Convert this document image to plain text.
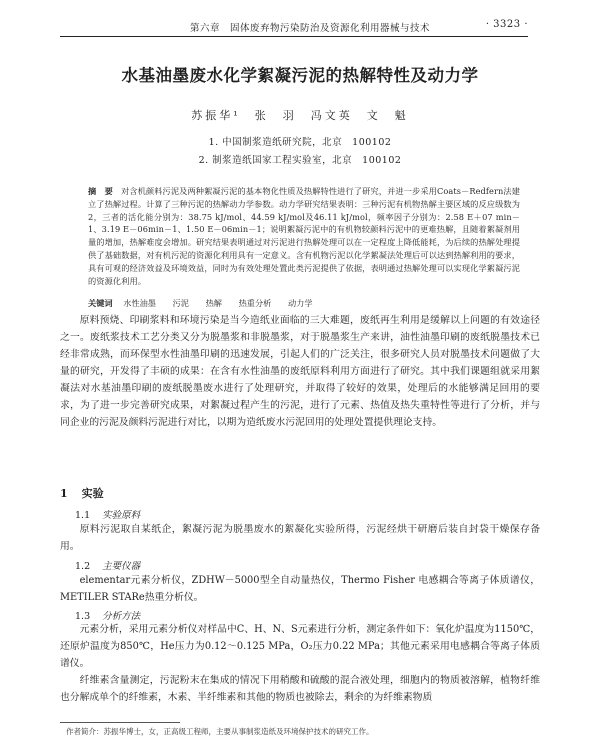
第六章　固体废弃物污染防治及资源化利用器械与技术	· 3323 ·
水基油墨废水化学絮凝污泥的热解特性及动力学
苏振华¹　张　羽　冯文英　文　魁
1. 中国制浆造纸研究院，北京　100102
2. 制浆造纸国家工程实验室，北京　100102
摘　要 对含机颜料污泥及两种絮凝污泥的基本物化性质及热解特性进行了研究，并进一步采用Coats－Redfern法建立了热解过程。计算了三种污泥的热解动力学参数。动力学研究结果表明：三种污泥有机物热解主要区域的反应级数为2，三者的活化能分别为：38.75 kJ/mol、44.59 kJ/mol及46.11 kJ/mol，频率因子分别为：2.58 E＋07 min－1、3.19 E－06min－1、1.50 E－06min－1；说明絮凝污泥中的有机物较颜料污泥中的更难热解，且随着絮凝剂用量的增加，热解难度会增加。研究结果表明通过对污泥进行热解处理可以在一定程度上降低能耗，为后续的热解处理提供了基础数据，对有机污泥的资源化利用具有一定意义。含有机物污泥以化学絮凝法处理后可以达到热解利用的要求，具有可观的经济效益及环境效益，同时为有效处理处置此类污泥提供了依据，表明通过热解处理可以实现化学絮凝污泥的资源化利用。
关键词 水性油墨 污泥 热解 热重分析 动力学
原料预烧、印刷浆料和环境污染是当今造纸业面临的三大难题，废纸再生利用是缓解以上问题的有效途径之一。废纸浆技术工艺分类又分为脱墨浆和非脱墨浆，对于脱墨浆生产来讲，油性油墨印刷的废纸脱墨技术已经非常成熟，而环保型水性油墨印刷的迅速发展，引起人们的广泛关注，很多研究人员对脱墨技术问题做了大量的研究，开发得了丰硕的成果：在含有水性油墨的废纸原料利用方面进行了研究。其中我们课题组就采用絮凝法对水基油墨印刷的废纸脱墨废水进行了处理研究，并取得了较好的效果，处理后的水能够满足回用的要求，为了进一步完善研究成果，对絮凝过程产生的污泥，进行了元素、热值及热失重特性等进行了分析，并与同企业的污泥及颜料污泥进行对比，以期为造纸废水污泥回用的处理处置提供理论支持。
1 实验
1.1 实验原料
原料污泥取自某纸企，絮凝污泥为脱墨废水的絮凝化实验所得，污泥经烘干研磨后装自封袋干燥保存备用。
1.2 主要仪器
elementar元素分析仪，ZDHW－5000型全自动量热仪，Thermo Fisher 电感耦合等离子体质谱仪，METILER STARe热重分析仪。
1.3 分析方法
元素分析，采用元素分析仪对样品中C、H、N、S元素进行分析，测定条件如下：氧化炉温度为1150℃，还原炉温度为850℃，He压力为0.12～0.125 MPa，O₂压力0.22 MPa；其他元素采用电感耦合等离子体质谱仪。
纤维素含量测定，污泥粉末在集成的情况下用稍酸和硫酸的混合液处理，细胞内的物质被溶解，植物纤维也分解成单个的纤维素，木素、半纤维素和其他的物质也被除去，剩余的为纤维素物质
作者简介：苏振华博士，女，正高级工程师，主要从事制浆造纸及环境保护技术的研究工作。
